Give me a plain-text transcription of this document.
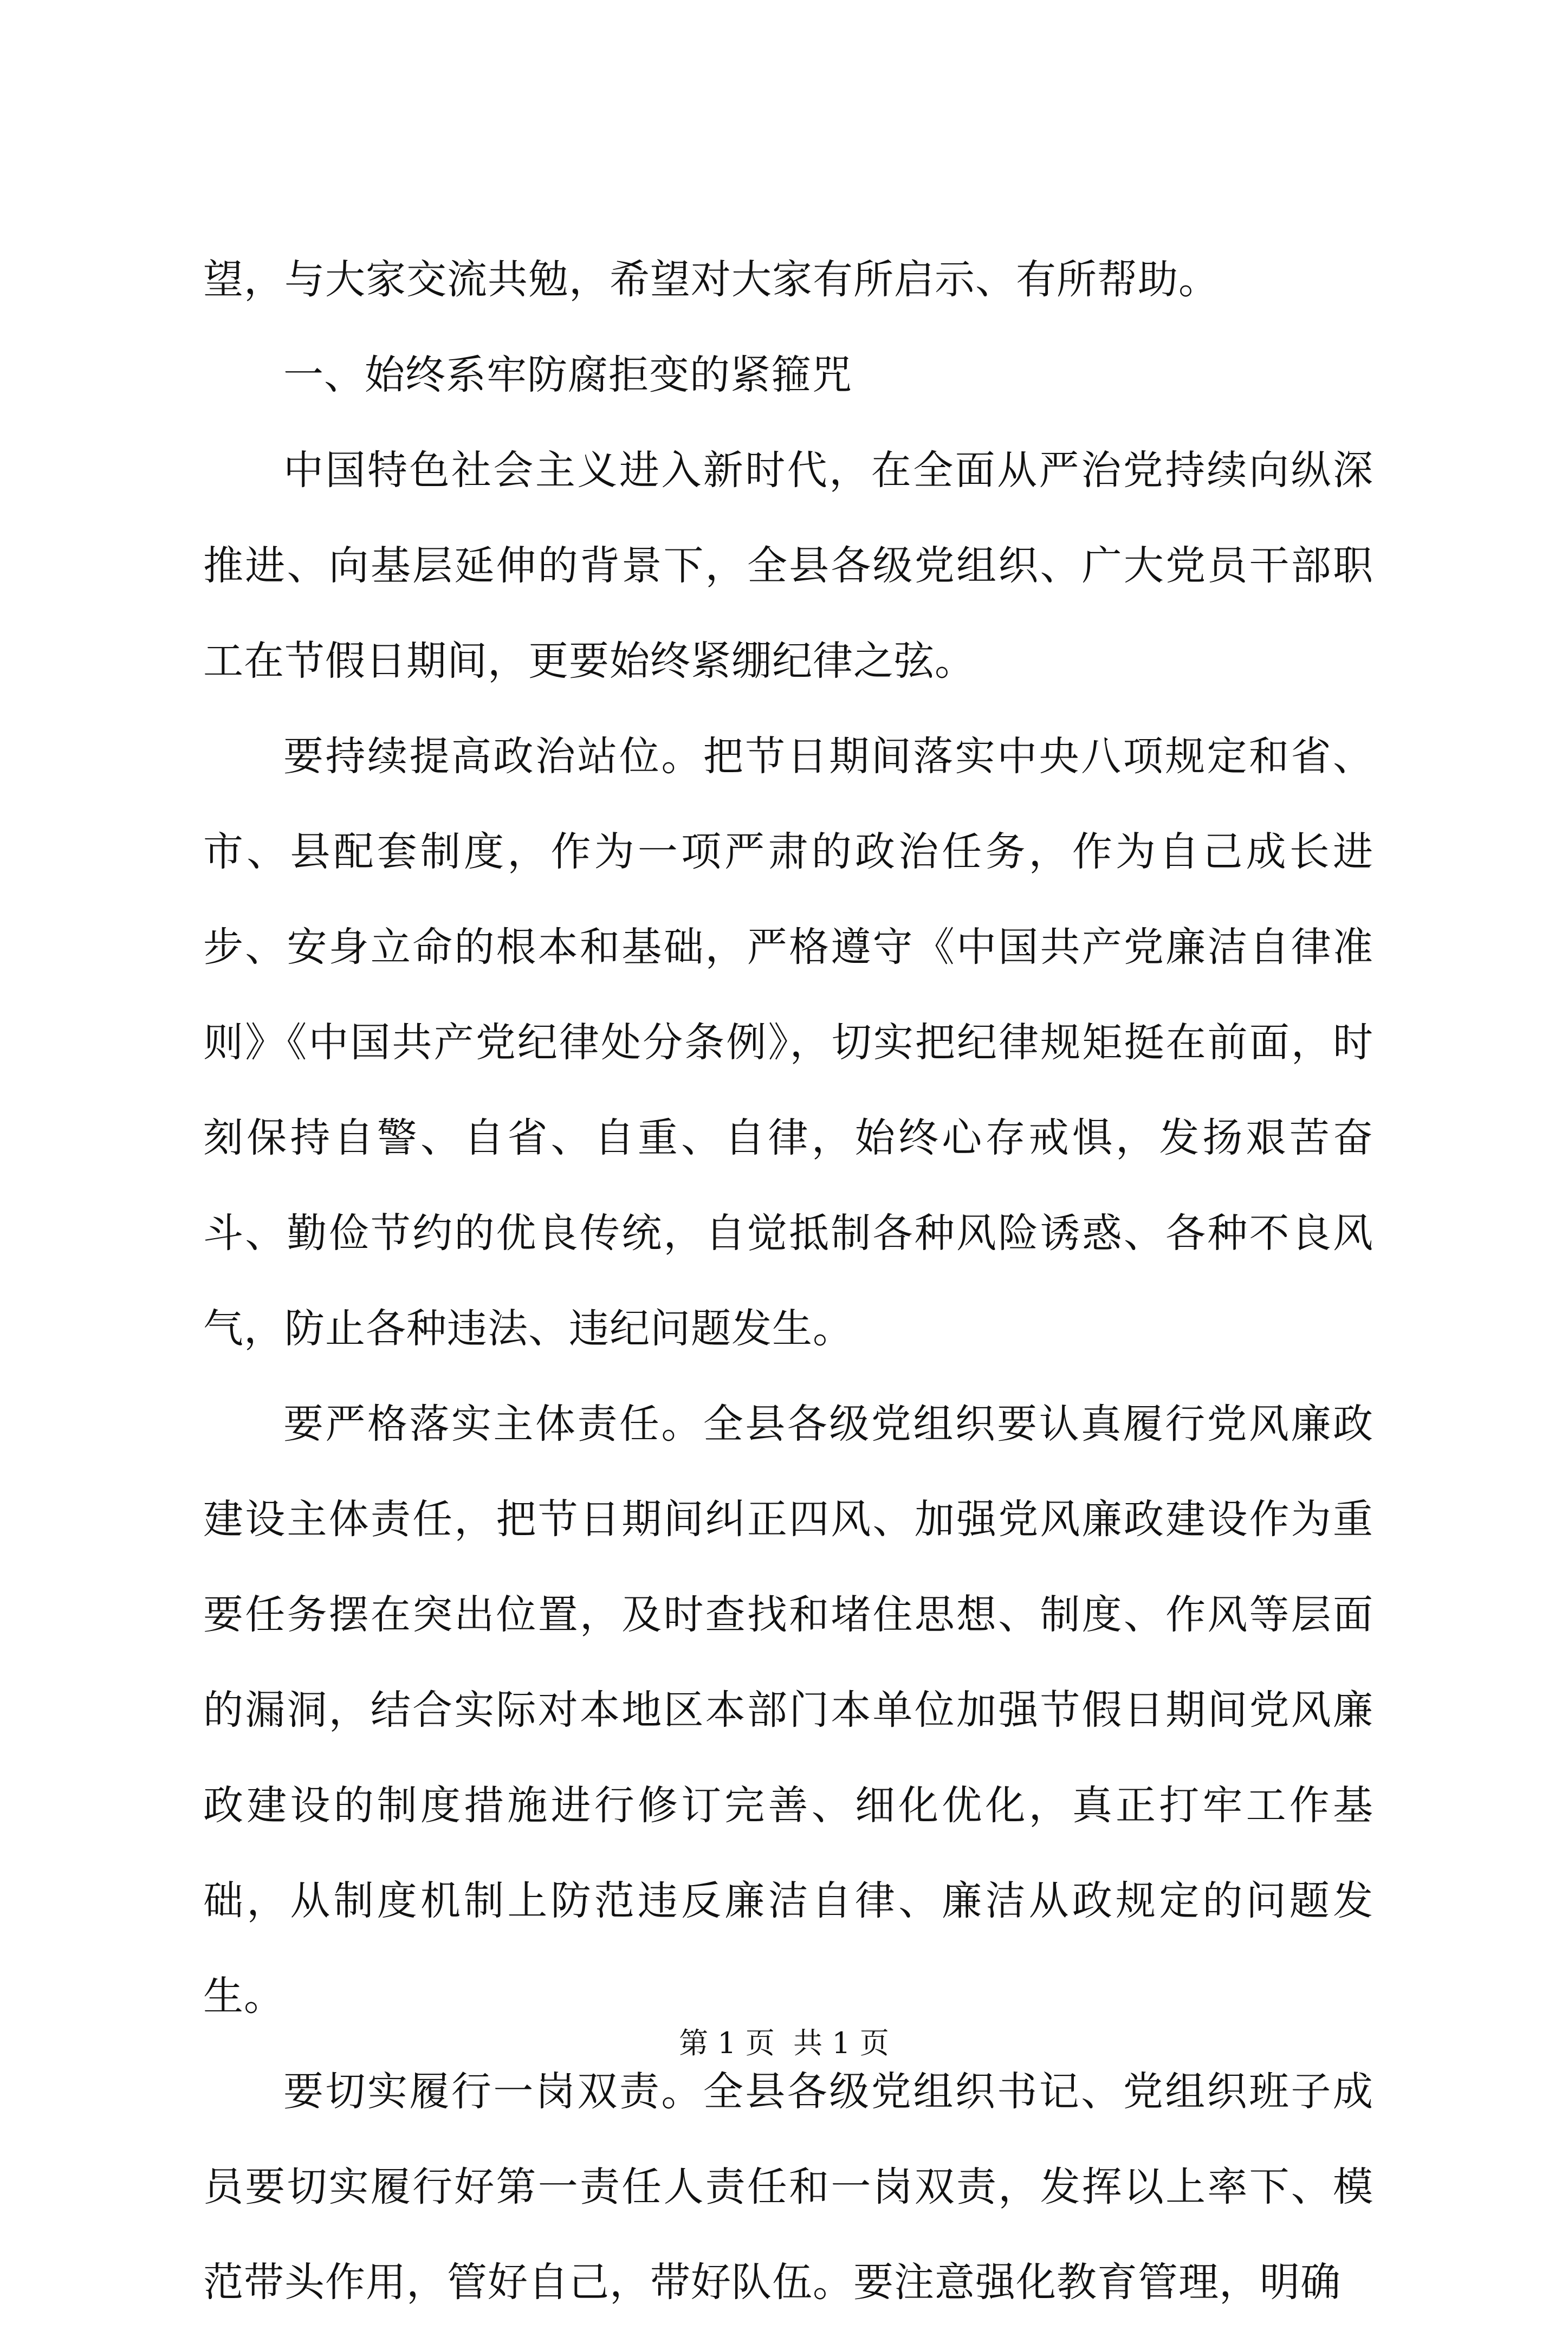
望，与大家交流共勉，希望对大家有所启示、有所帮助。

一、始终系牢防腐拒变的紧箍咒

中国特色社会主义进入新时代，在全面从严治党持续向纵深推进、向基层延伸的背景下，全县各级党组织、广大党员干部职工在节假日期间，更要始终紧绷纪律之弦。

要持续提高政治站位。把节日期间落实中央八项规定和省、市、县配套制度，作为一项严肃的政治任务，作为自己成长进步、安身立命的根本和基础，严格遵守《中国共产党廉洁自律准则》《中国共产党纪律处分条例》，切实把纪律规矩挺在前面，时刻保持自警、自省、自重、自律，始终心存戒惧，发扬艰苦奋斗、勤俭节约的优良传统，自觉抵制各种风险诱惑、各种不良风气，防止各种违法、违纪问题发生。

要严格落实主体责任。全县各级党组织要认真履行党风廉政建设主体责任，把节日期间纠正四风、加强党风廉政建设作为重要任务摆在突出位置，及时查找和堵住思想、制度、作风等层面的漏洞，结合实际对本地区本部门本单位加强节假日期间党风廉政建设的制度措施进行修订完善、细化优化，真正打牢工作基础，从制度机制上防范违反廉洁自律、廉洁从政规定的问题发生。

要切实履行一岗双责。全县各级党组织书记、党组织班子成员要切实履行好第一责任人责任和一岗双责，发挥以上率下、模范带头作用，管好自己，带好队伍。要注意强化教育管理，明确

第 1 页  共 1 页
